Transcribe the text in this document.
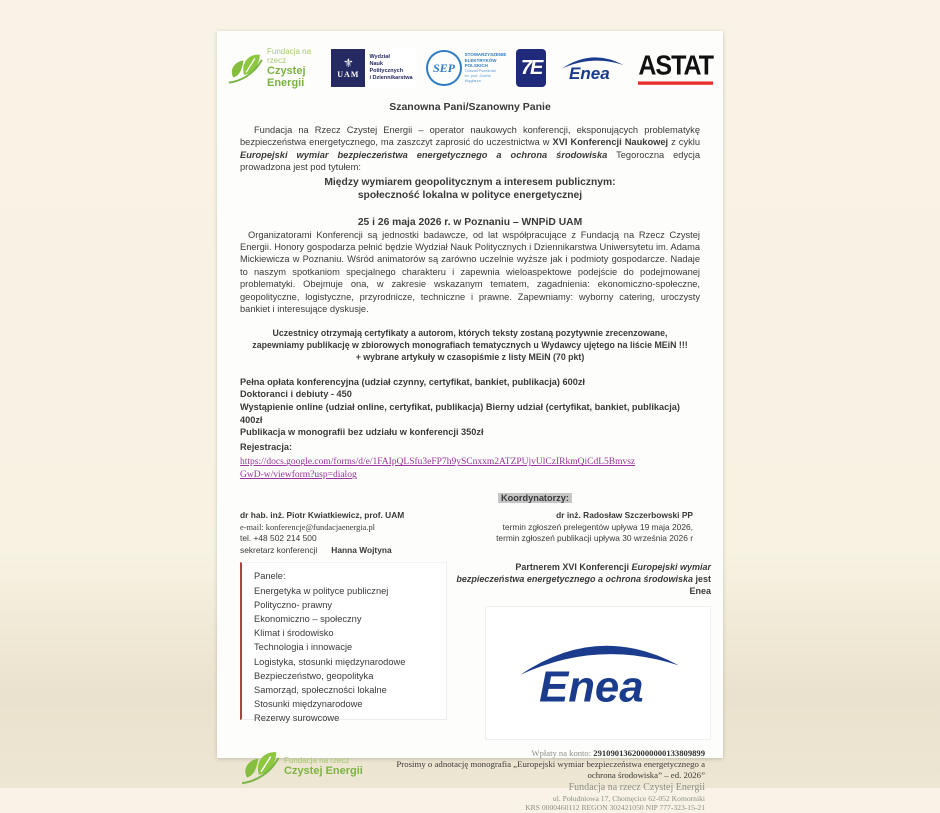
Fundacja na rzecz
Czystej Energii
⚜
UAM
Wydział
Nauk Politycznych
i Dziennikarstwa
SEP
STOWARZYSZENIE
ELEKTRYKÓW
POLSKICH
Oddział Poznański
im. prof. Józefa Węglarza
7E Enea ASTAT
Szanowna Pani/Szanowny Panie

Fundacja na Rzecz Czystej Energii – operator naukowych konferencji, eksponujących problematykę bezpieczeństwa energetycznego, ma zaszczyt zaprosić do uczestnictwa w XVI Konferencji Naukowej z cyklu Europejski wymiar bezpieczeństwa energetycznego a ochrona środowiska Tegoroczna edycja prowadzona jest pod tytułem:

Między wymiarem geopolitycznym a interesem publicznym:
społeczność lokalna w polityce energetycznej
25 i 26 maja 2026 r. w Poznaniu – WNPiD UAM

Organizatorami Konferencji są jednostki badawcze, od lat współpracujące z Fundacją na Rzecz Czystej Energii. Honory gospodarza pełnić będzie Wydział Nauk Politycznych i Dziennikarstwa Uniwersytetu im. Adama Mickiewicza w Poznaniu. Wśród animatorów są zarówno uczelnie wyższe jak i podmioty gospodarcze. Nadaje to naszym spotkaniom specjalnego charakteru i zapewnia wieloaspektowe podejście do podejmowanej problematyki. Obejmuje ona, w zakresie wskazanym tematem, zagadnienia: ekonomiczno-społeczne, geopolityczne, logistyczne, przyrodnicze, techniczne i prawne. Zapewniamy: wyborny catering, uroczysty bankiet i interesujące dyskusje.

Uczestnicy otrzymają certyfikaty a autorom, których teksty zostaną pozytywnie zrecenzowane,
zapewniamy publikację w zbiorowych monografiach tematycznych u Wydawcy ujętego na liście MEiN !!!
+ wybrane artykuły w czasopiśmie z listy MEiN (70 pkt)
Pełna opłata konferencyjna (udział czynny, certyfikat, bankiet, publikacja) 600zł
Doktoranci i debiuty - 450
Wystąpienie online (udział online, certyfikat, publikacja) Bierny udział (certyfikat, bankiet, publikacja) 400zł
Publikacja w monografii bez udziału w konferencji 350zł
Rejestracja:
https://docs.google.com/forms/d/e/1FAIpQLSfu3eFP7h9ySCnxxm2ATZPUjvUlCzIRkmQiCdL5Bmvsz
GwD-w/viewform?usp=dialog
Koordynatorzy:
dr hab. inż. Piotr Kwiatkiewicz, prof. UAM
e-mail: konferencje@fundacjaenergia.pl
tel. +48 502 214 500
sekretarz konferencji Hanna Wojtyna
dr inż. Radosław Szczerbowski PP
termin zgłoszeń prelegentów upływa 19 maja 2026,
termin zgłoszeń publikacji upływa 30 września 2026 r
Panele:
Energetyka w polityce publicznej
Polityczno- prawny
Ekonomiczno – społeczny
Klimat i środowisko
Technologia i innowacje
Logistyka, stosunki międzynarodowe
Bezpieczeństwo, geopolityka
Samorząd, społeczności lokalne
Stosunki międzynarodowe
Rezerwy surowcowe
Partnerem XVI Konferencji Europejski wymiar bezpieczeństwa energetycznego a ochrona środowiska jest Enea
Enea
Fundacja na rzecz
Czystej Energii
Wpłaty na konto: 29109013620000000133809899
Prosimy o adnotację monografia „Europejski wymiar bezpieczeństwa energetycznego a ochrona środowiska” – ed. 2026”
Fundacja na rzecz Czystej Energii
ul. Południowa 17, Chomęcice 62-052 Komorniki
KRS 0000460112 REGON 302421050 NIP 777-323-15-21
